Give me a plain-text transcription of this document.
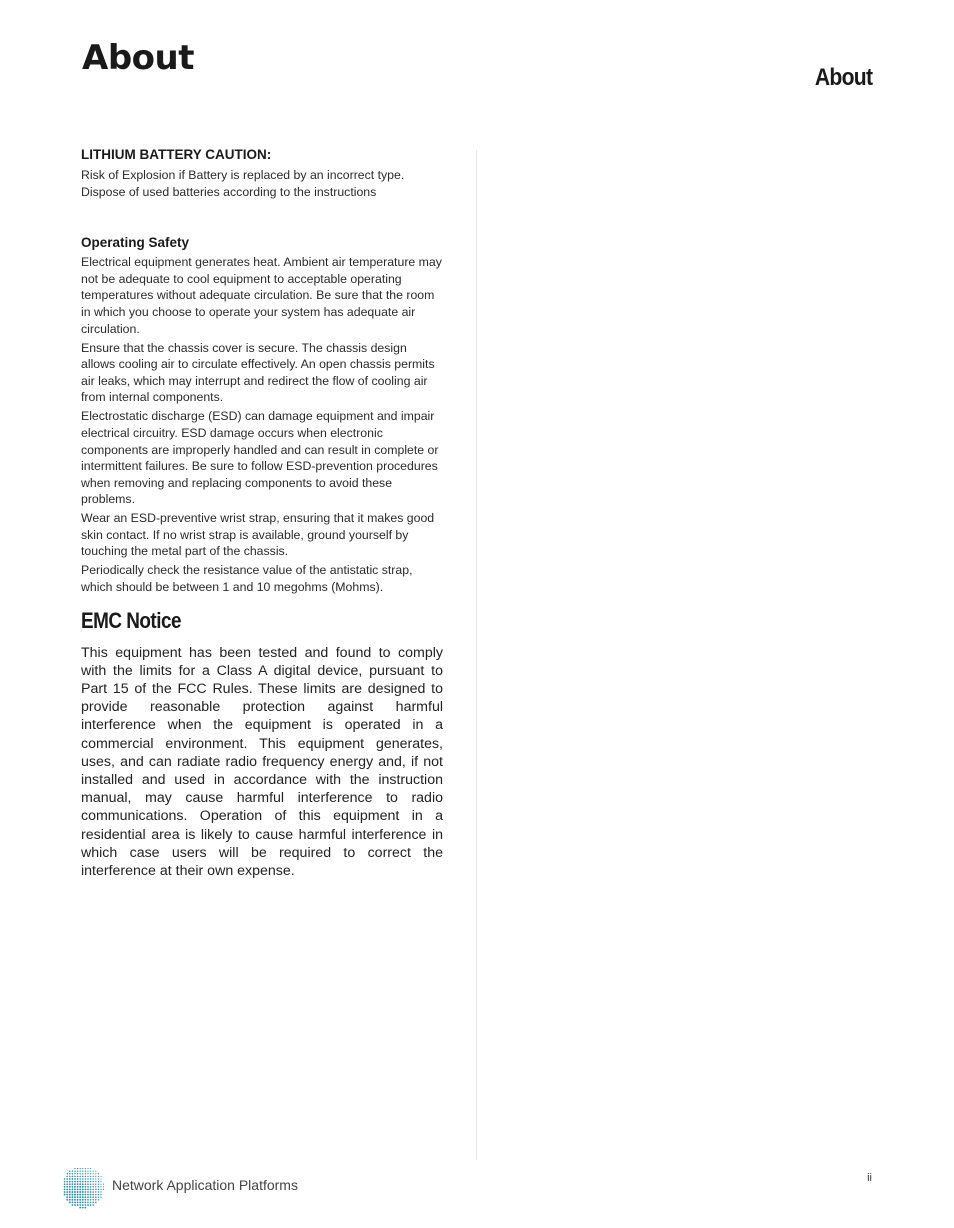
About	About
LITHIUM BATTERY CAUTION:

Risk of Explosion if Battery is replaced by an incorrect type.

Dispose of used batteries according to the instructions

Operating Safety

Electrical equipment generates heat. Ambient air temperature may not be adequate to cool equipment to acceptable operating temperatures without adequate circulation. Be sure that the room in which you choose to operate your system has adequate air circulation.

Ensure that the chassis cover is secure. The chassis design allows cooling air to circulate effectively. An open chassis permits air leaks, which may interrupt and redirect the flow of cooling air from internal components.

Electrostatic discharge (ESD) can damage equipment and impair electrical circuitry. ESD damage occurs when electronic components are improperly handled and can result in complete or intermittent failures. Be sure to follow ESD-prevention procedures when removing and replacing components to avoid these problems.

Wear an ESD-preventive wrist strap, ensuring that it makes good skin contact. If no wrist strap is available, ground yourself by touching the metal part of the chassis.

Periodically check the resistance value of the antistatic strap, which should be between 1 and 10 megohms (Mohms).

EMC Notice

This equipment has been tested and found to comply with the limits for a Class A digital device, pursuant to Part 15 of the FCC Rules. These limits are designed to provide reasonable protection against harmful interference when the equipment is operated in a commercial environment. This equipment generates, uses, and can radiate radio frequency energy and, if not installed and used in accordance with the instruction manual, may cause harmful interference to radio communications. Operation of this equipment in a residential area is likely to cause harmful interference in which case users will be required to correct the interference at their own expense.

Network Application Platforms	ii
